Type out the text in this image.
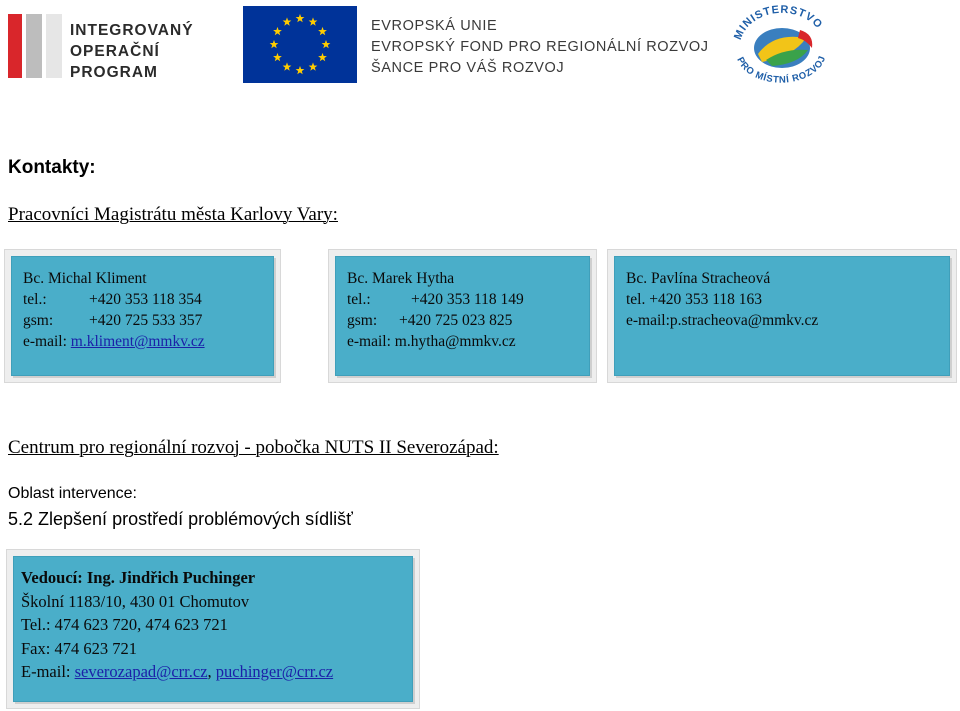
INTEGROVANÝ
OPERAČNÍ
PROGRAM
EVROPSKÁ UNIE
EVROPSKÝ FOND PRO REGIONÁLNÍ ROZVOJ
ŠANCE PRO VÁŠ ROZVOJ
MINISTERSTVO
PRO MÍSTNÍ ROZVOJ
Kontakty:
Pracovníci Magistrátu města Karlovy Vary:
Bc. Michal Kliment
tel.:	+420 353 118 354
gsm: +420 725 533 357
e-mail: m.kliment@mmkv.cz
Bc. Marek Hytha
tel.:	+420 353 118 149
gsm: +420 725 023 825
e-mail: m.hytha@mmkv.cz
Bc. Pavlína Stracheová
tel. +420 353 118 163
e-mail:p.stracheova@mmkv.cz
Centrum pro regionální rozvoj - pobočka NUTS II Severozápad:
Oblast intervence:
5.2 Zlepšení prostředí problémových sídlišť
Vedoucí: Ing. Jindřich Puchinger
Školní 1183/10, 430 01 Chomutov
Tel.: 474 623 720, 474 623 721
Fax: 474 623 721
E-mail: severozapad@crr.cz, puchinger@crr.cz
